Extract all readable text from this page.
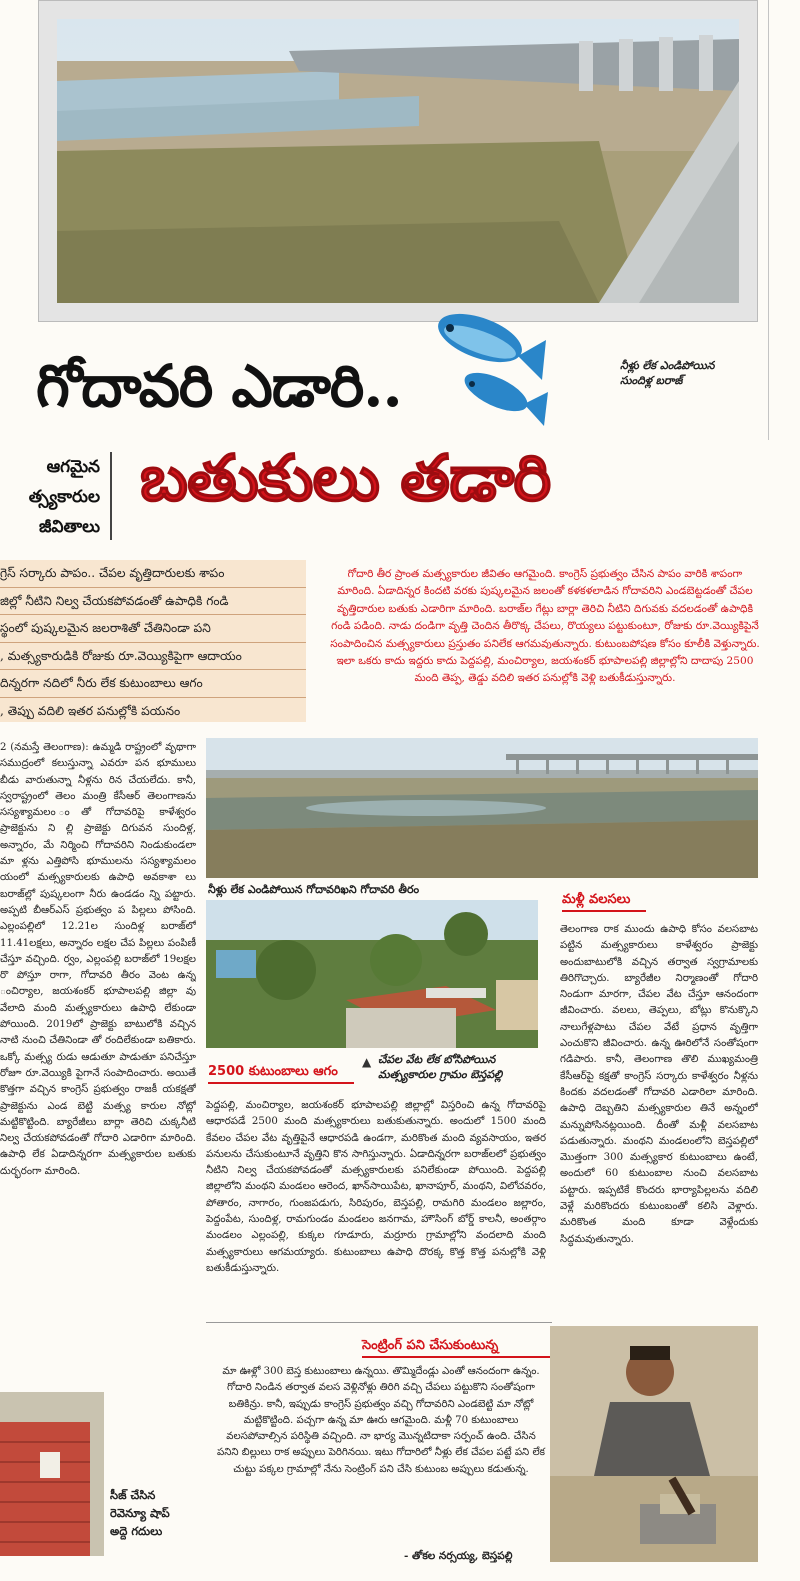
నీళ్లు లేక ఎండిపోయిన
సుందిళ్ల బరాజ్
గోదావరి ఎడారి..
ఆగమైన
త్స్యకారుల
జీవితాలు
బతుకులు తడారి
గ్రెస్ సర్కారు పాపం.. చేపల వృత్తిదారులకు శాపం
జిల్లో నీటిని నిల్వ చేయకపోవడంతో ఉపాధికి గండి
స్థంలో పుష్కలమైన జలరాశితో చేతినిండా పని
, మత్స్యకారుడికి రోజుకు రూ.వెయ్యికిపైగా ఆదాయం
దిన్నరగా నదిలో నీరు లేక కుటుంబాలు ఆగం
, తెప్పు వదిలి ఇతర పనుల్లోకి పయనం
గోదారి తీర ప్రాంత మత్స్యకారుల జీవితం ఆగమైంది. కాంగ్రెస్ ప్రభుత్వం చేసిన పాపం వారికి శాపంగా మారింది. ఏడాదిన్నర కిందటి వరకు పుష్కలమైన జలంతో కళకళలాడిన గోదావరిని ఎండబెట్టడంతో చేపల వృత్తిదారుల బతుకు ఎడారిగా మారింది. బరాజ్‌ల గేట్లు బార్లా తెరిచి నీటిని దిగువకు వదలడంతో ఉపాధికి గండి పడింది. నాడు దండిగా వృత్తి చెందిన తీరొక్క చేపలు, రొయ్యలు పట్టుకుంటూ, రోజుకు రూ.వెయ్యికిపైనే సంపాదించిన మత్స్యకారులు ప్రస్తుతం పనిలేక ఆగమవుతున్నారు. కుటుంబపోషణ కోసం కూలీకి వెళ్తున్నారు. ఇలా ఒకరు కాదు ఇద్దరు కాదు పెద్దపల్లి, మంచిర్యాల, జయశంకర్ భూపాలపల్లి జిల్లాల్లోని దాదాపు 2500 మంది తెప్ప, తెడ్డు వదిలి ఇతర పనుల్లోకి వెళ్లి బతుకీడుస్తున్నారు.
2 (నమస్తే తెలంగాణ): ఉమ్మడి రాష్ట్రంలో వృథాగా సముద్రంలో కలుస్తున్నా ఎవరూ పన భూములు బీడు వారుతున్నా నీళ్లను రిన చేయలేదు. కానీ, స్వరాష్ట్రంలో తెలం మంత్రి కేసీఆర్ తెలంగాణను సస్యశ్యామలం ంతో గోదావరిపై కాళేశ్వరం ప్రాజెక్టును ని ల్లి ప్రాజెక్టు దిగువన సుందిళ్ల, అన్నారం, మే నిర్మించి గోదావరిని నిండుకుండలా మా ళ్లను ఎత్తిపోసి భూములను సస్యశ్యామలం యంలో మత్స్యకారులకు ఉపాధి అవకాశా లు బరాజ్‌ల్లో పుష్కలంగా నీరు ఉండడం న్ని పట్టారు. అప్పటి బీఆర్ఎస్ ప్రభుత్వం ప పిల్లలు పోసింది. ఎల్లంపల్లిలో 12.21ల సుందిళ్ల బరాజ్‌లో 11.41లక్షలు, అన్నారం లక్షల చేప పిల్లలు పంపిణీ చేస్తూ వచ్చింది. ర్వం, ఎల్లంపల్లి బరాజ్‌లో 19లక్షల రొ పోస్తూ రాగా, గోదావరి తీరం వెంట ఉన్న ంచిర్యాల, జయశంకర్ భూపాలపల్లి జిల్లా వు వేలాది మంది మత్స్యకారులు ఉపాధి లేకుండా పోయింది. 2019లో ప్రాజెక్టు బాటులోకి వచ్చిన నాటి నుంచి చేతినిండా తో రందిలేకుండా బతికారు. ఒక్కో మత్స్య రుడు ఆడుతూ పాడుతూ పనిచేస్తూ రోజూ రూ.వెయ్యికి పైగానే సంపాదించారు. అయితే కొత్తగా వచ్చిన కాంగ్రెస్ ప్రభుత్వం రాజకీ యకక్షతో ప్రాజెక్టును ఎండ బెట్టి మత్స్య కారుల నోట్లో మట్టికొట్టింది. బ్యారేజీలు బార్లా తెరిచి చుక్కనీటి నిల్వ చేయకపోవడంతో గోదారి ఎడారిగా మారింది. ఉపాధి లేక ఏడాదిన్నరగా మత్స్యకారుల బతుకు దుర్భరంగా మారింది.
నీళ్లు లేక ఎండిపోయిన గోదావరిఖని గోదావరి తీరం
2500 కుటుంబాలు ఆగం
▲ చేపల వేట లేక బోసిపోయిన
మత్స్యకారుల గ్రామం బెస్తపల్లి
పెద్దపల్లి, మంచిర్యాల, జయశంకర్ భూపాలపల్లి జిల్లాల్లో విస్తరించి ఉన్న గోదావరిపై ఆధారపడే 2500 మంది మత్స్యకారులు బతుకుతున్నారు. అందులో 1500 మంది కేవలం చేపల వేట వృత్తిపైనే ఆధారపడి ఉండగా, మరికొంత మంది వ్యవసాయం, ఇతర పనులను చేసుకుంటూనే వృత్తిని కొన సాగిస్తున్నారు. ఏడాదిన్నరగా బరాజ్‌లలో ప్రభుత్వం నీటిని నిల్వ చేయకపోవడంతో మత్స్యకారులకు పనిలేకుండా పోయింది. పెద్దపల్లి జిల్లాలోని మంథని మండలం ఆరెంద, ఖాన్‌సాయిపేట, ఖానాపూర్, మంథని, విలోచవరం, పోతారం, నాగారం, గుంజపడుగు, సిరిపురం, బెస్తపల్లి, రామగిరి మండలం జల్లారం, పెద్దంపేట, సుందిళ్ల, రామగుండం మండలం జనగామ, హౌసింగ్ బోర్డ్ కాలనీ, అంతర్గాం మండలం ఎల్లంపల్లి, కుక్కల గూడూరు, మర్రూరు గ్రామాల్లోని వందలాది మంది మత్స్యకారులు ఆగమయ్యారు. కుటుంబాలు ఉపాధి దొరక్క కొత్త కొత్త పనుల్లోకి వెళ్లి బతుకీడుస్తున్నారు.
మళ్లీ వలసలు
తెలంగాణ రాక ముందు ఉపాధి కోసం వలసబాట పట్టిన మత్స్యకారులు కాళేశ్వరం ప్రాజెక్టు అందుబాటులోకి వచ్చిన తర్వాత స్వగ్రామాలకు తిరిగొచ్చారు. బ్యారేజీల నిర్మాణంతో గోదారి నిండుగా మారగా, చేపల వేట చేస్తూ ఆనందంగా జీవించారు. వలలు, తెప్పలు, బోట్లు కొనుక్కొని నాలుగేళ్లపాటు చేపల వేటే ప్రధాన వృత్తిగా ఎంచుకొని జీవించారు. ఉన్న ఊరిలోనే సంతోషంగా గడిపారు. కానీ, తెలంగాణ తొలి ముఖ్యమంత్రి కేసీఆర్‌పై కక్షతో కాంగ్రెస్ సర్కారు కాళేశ్వరం నీళ్లను కిందకు వదలడంతో గోదావరి ఎడారిలా మారింది. ఉపాధి దెబ్బతిని మత్స్యకారుల తినే అన్నంలో మన్నుపోసినట్లయింది. దీంతో మళ్లీ వలసబాట పడుతున్నారు. మంథని మండలంలోని బెస్తపల్లిలో మొత్తంగా 300 మత్స్యకార కుటుంబాలు ఉంటే, అందులో 60 కుటుంబాల నుంచి వలసబాట పట్టారు. ఇప్పటికే కొందరు భార్యాపిల్లలను వదిలి వెళ్లే మరికొందరు కుటుంబంతో కలిసి వెళ్లారు. మరికొంత మంది కూడా వెళ్లేందుకు సిద్ధమవుతున్నారు.
సెంట్రింగ్ పని చేసుకుంటున్న
మా ఊళ్లో 300 బెస్త కుటుంబాలు ఉన్నయి. తొమ్మిదేండ్లు ఎంతో ఆనందంగా ఉన్నం. గోదారి నిండిన తర్వాత వలస వెళ్లినోళ్లు తిరిగి వచ్చి చేపలు పట్టుకొని సంతోషంగా బతికిన్రు. కానీ, ఇప్పుడు కాంగ్రెస్ ప్రభుత్వం వచ్చి గోదావరిని ఎండబెట్టి మా నోట్లో మట్టికొట్టింది. పచ్చగా ఉన్న మా ఊరు ఆగమైంది. మళ్లీ 70 కుటుంబాలు వలసపోవాల్సిన పరిస్థితి వచ్చింది. నా భార్య మొన్నటిదాకా సర్పంచ్ ఉంది. చేసిన పనిని బిల్లులు రాక అప్పులు పెరిగినయి. ఇటు గోదారిలో నీళ్లు లేక చేపల పట్టే పని లేక చుట్టు పక్కల గ్రామాల్లో నేను సెంట్రింగ్ పని చేసి కుటుంబ అప్పులు కడుతున్న.
- తోకల నర్సయ్య, బెస్తపల్లి
సీజ్ చేసిన
రెవెన్యూ షాప్
అద్దె గదులు
